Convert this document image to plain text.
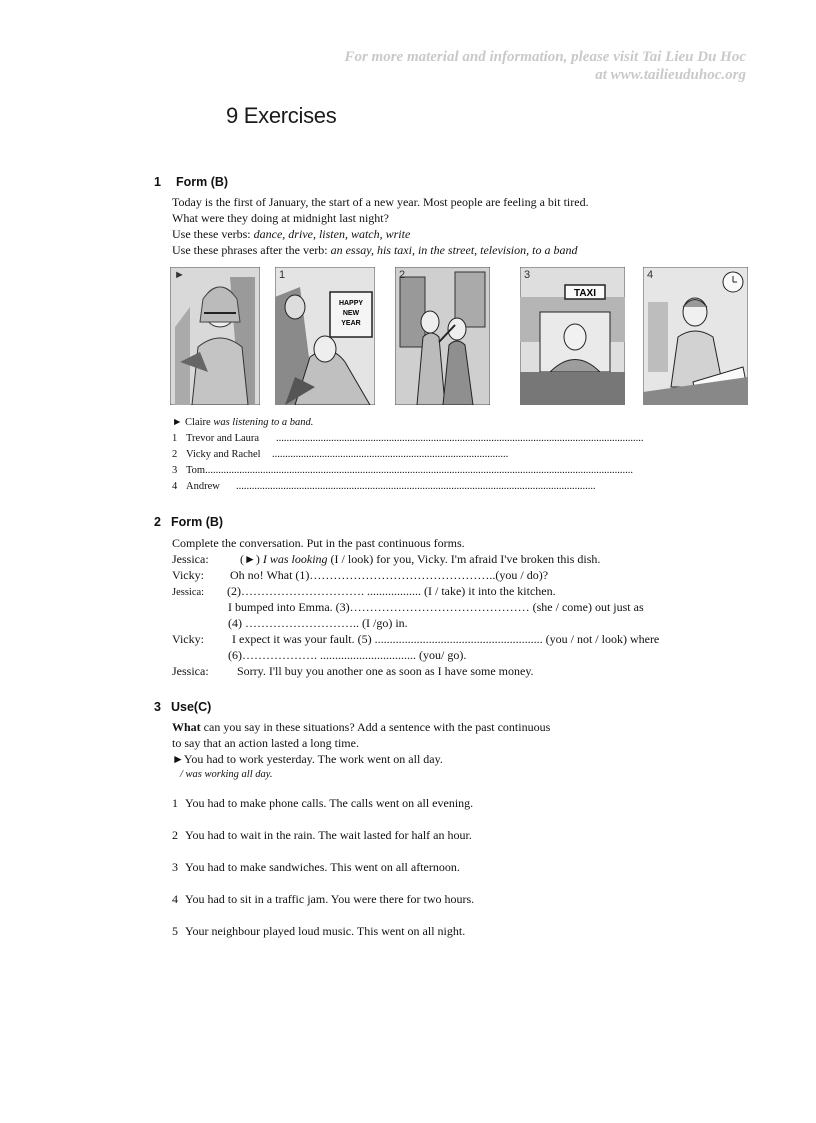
For more material and information, please visit Tai Lieu Du Hoc
at www.tailieuduhoc.org
9 Exercises
1 Form (B)
Today is the first of January, the start of a new year. Most people are feeling a bit tired.
What were they doing at midnight last night?
Use these verbs: dance, drive, listen, watch, write
Use these phrases after the verb: an essay, his taxi, in the street, television, to a band
►
HAPPY
NEW
YEAR
1	2
TAXI
3	4
► Claire was listening to a band.
1 Trevor and Laura ............................................................................................................................................
2 Vicky and Rachel ..........................................................................................
3 Tom...................................................................................................................................................................
4 Andrew .........................................................................................................................................
2 Form (B)
Complete the conversation. Put in the past continuous forms.
Jessica:	(►) I was looking (I / look) for you, Vicky. I'm afraid I've broken this dish.
Vicky: Oh no! What (1)………………………………………..(you / do)?
Jessica: (2)…………………………. .................. (I / take) it into the kitchen.
I bumped into Emma. (3)……………………………………… (she / come) out just as
(4) ……………………….. (I /go) in.
Vicky: I expect it was your fault. (5) ........................................................ (you / not / look) where
(6)………………. ................................ (you/ go).
Jessica: Sorry. I'll buy you another one as soon as I have some money.
3 Use(C)
What can you say in these situations? Add a sentence with the past continuous
to say that an action lasted a long time.
►You had to work yesterday. The work went on all day.
/ was working all day.
1 You had to make phone calls. The calls went on all evening.
2 You had to wait in the rain. The wait lasted for half an hour.
3 You had to make sandwiches. This went on all afternoon.
4 You had to sit in a traffic jam. You were there for two hours.
5 Your neighbour played loud music. This went on all night.
